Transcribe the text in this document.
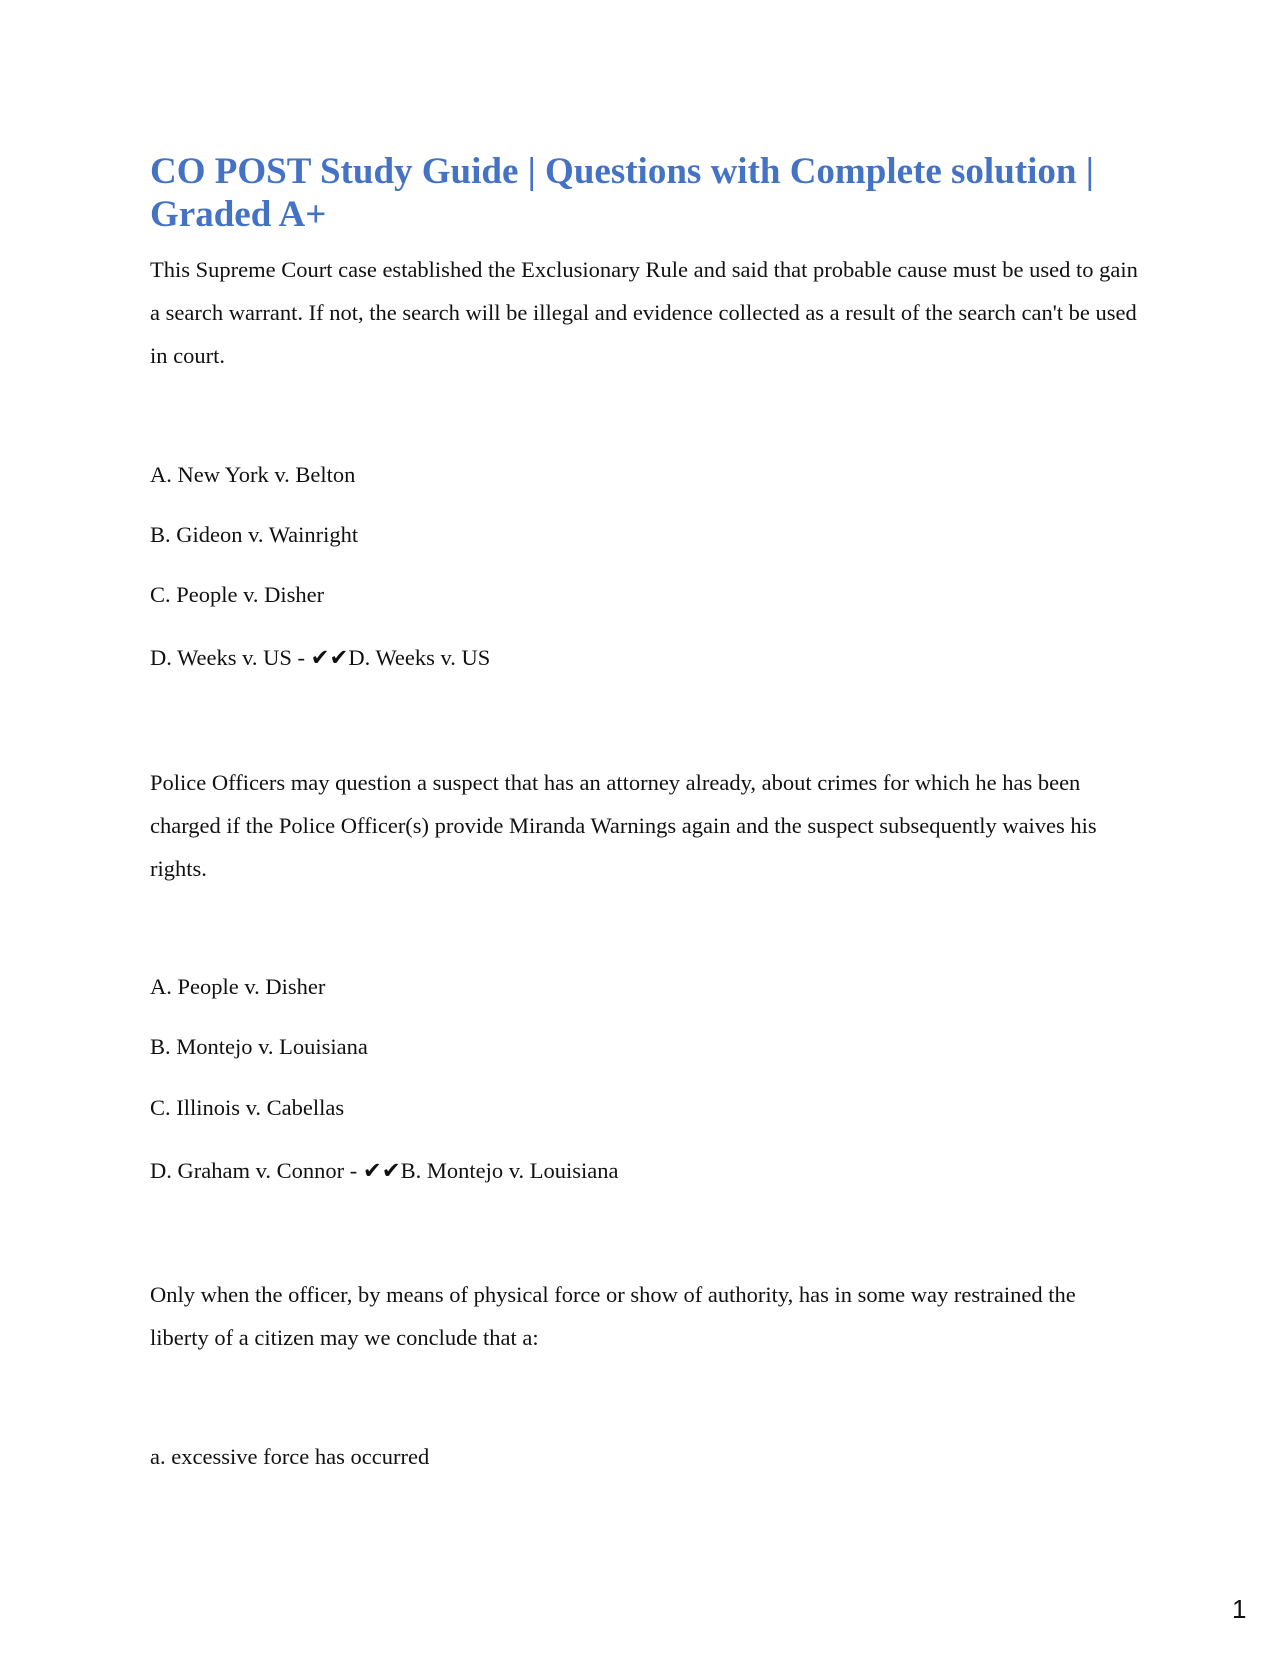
CO POST Study Guide | Questions with Complete solution | Graded A+
This Supreme Court case established the Exclusionary Rule and said that probable cause must be used to gain a search warrant. If not, the search will be illegal and evidence collected as a result of the search can't be used in court.
A. New York v. Belton
B. Gideon v. Wainright
C. People v. Disher
D. Weeks v. US - ✔✔D. Weeks v. US
Police Officers may question a suspect that has an attorney already, about crimes for which he has been charged if the Police Officer(s) provide Miranda Warnings again and the suspect subsequently waives his rights.
A. People v. Disher
B. Montejo v. Louisiana
C. Illinois v. Cabellas
D. Graham v. Connor - ✔✔B. Montejo v. Louisiana
Only when the officer, by means of physical force or show of authority, has in some way restrained the liberty of a citizen may we conclude that a:
a. excessive force has occurred
1
